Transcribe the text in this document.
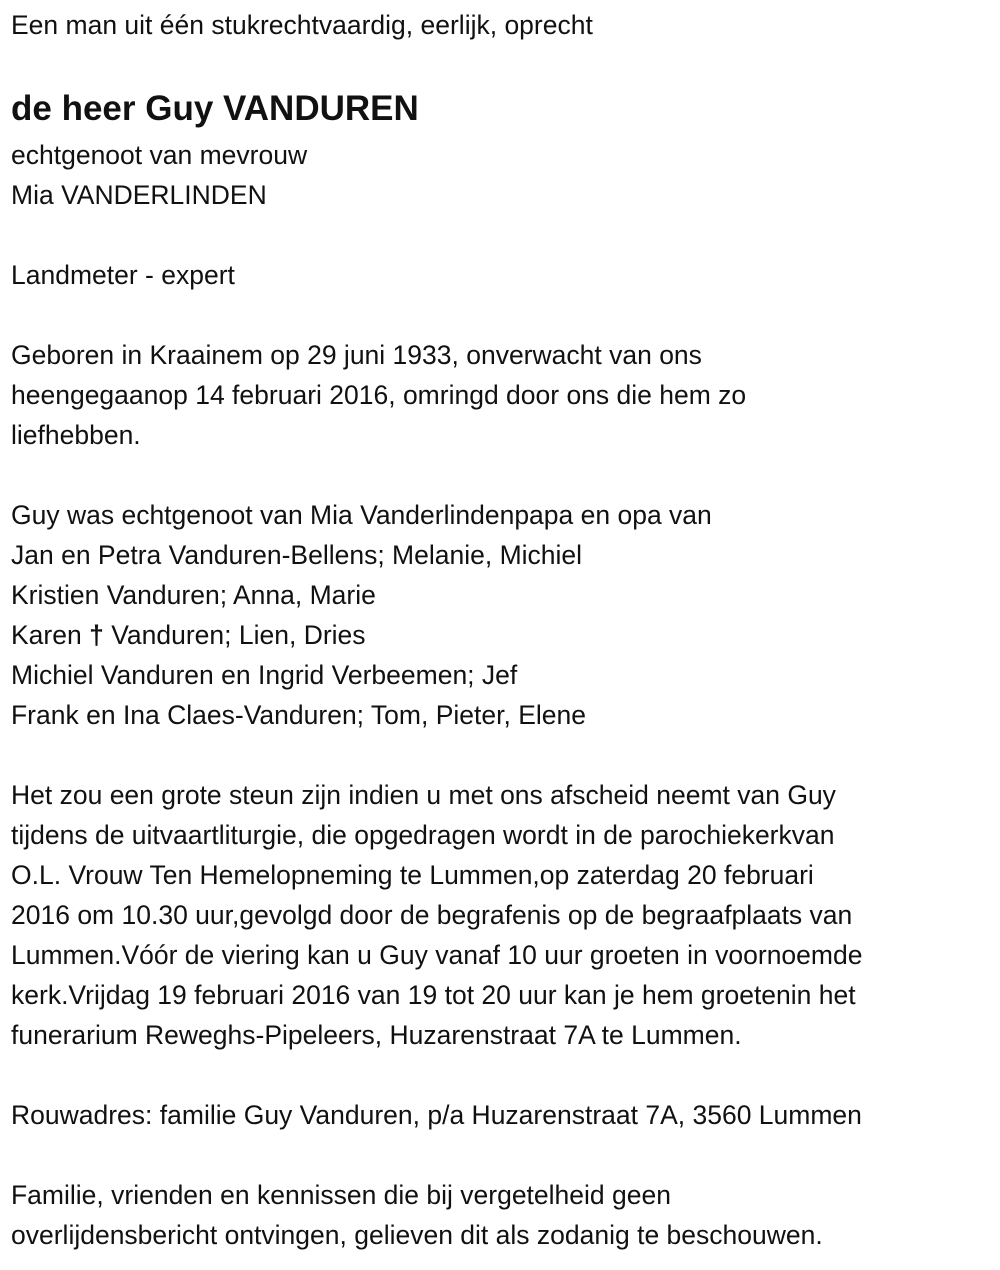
Een man uit één stukrechtvaardig, eerlijk, oprecht
de heer Guy VANDUREN
echtgenoot van mevrouw
Mia VANDERLINDEN
Landmeter - expert
Geboren in Kraainem op 29 juni 1933, onverwacht van ons
heengegaanop 14 februari 2016, omringd door ons die hem zo
liefhebben.
Guy was echtgenoot van Mia Vanderlindenpapa en opa van
Jan en Petra Vanduren-Bellens; Melanie, Michiel
Kristien Vanduren; Anna, Marie
Karen † Vanduren; Lien, Dries
Michiel Vanduren en Ingrid Verbeemen; Jef
Frank en Ina Claes-Vanduren; Tom, Pieter, Elene
Het zou een grote steun zijn indien u met ons afscheid neemt van Guy
tijdens de uitvaartliturgie, die opgedragen wordt in de parochiekerkvan
O.L. Vrouw Ten Hemelopneming te Lummen,op zaterdag 20 februari
2016 om 10.30 uur,gevolgd door de begrafenis op de begraafplaats van
Lummen.Vóór de viering kan u Guy vanaf 10 uur groeten in voornoemde
kerk.Vrijdag 19 februari 2016 van 19 tot 20 uur kan je hem groetenin het
funerarium Reweghs-Pipeleers, Huzarenstraat 7A te Lummen.
Rouwadres: familie Guy Vanduren, p/a Huzarenstraat 7A, 3560 Lummen
Familie, vrienden en kennissen die bij vergetelheid geen
overlijdensbericht ontvingen, gelieven dit als zodanig te beschouwen.
